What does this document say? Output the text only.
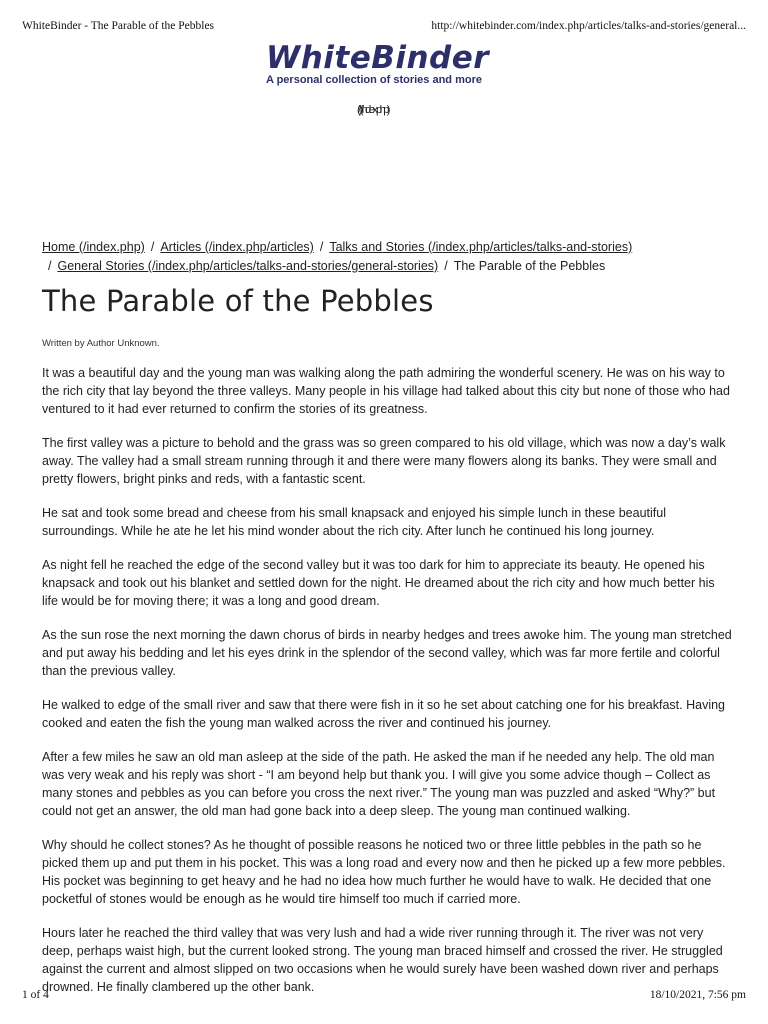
WhiteBinder - The Parable of the Pebbles	http://whitebinder.com/index.php/articles/talks-and-stories/general...
WhiteBinder
A personal collection of stories and more
(/)(/index.php)
Home (/index.php) / Articles (/index.php/articles) / Talks and Stories (/index.php/articles/talks-and-stories)
/ General Stories (/index.php/articles/talks-and-stories/general-stories) / The Parable of the Pebbles
The Parable of the Pebbles
Written by Author Unknown.

It was a beautiful day and the young man was walking along the path admiring the wonderful scenery. He was on his way to the rich city that lay beyond the three valleys. Many people in his village had talked about this city but none of those who had ventured to it had ever returned to confirm the stories of its greatness.

The first valley was a picture to behold and the grass was so green compared to his old village, which was now a day’s walk away. The valley had a small stream running through it and there were many flowers along its banks. They were small and pretty flowers, bright pinks and reds, with a fantastic scent.

He sat and took some bread and cheese from his small knapsack and enjoyed his simple lunch in these beautiful surroundings. While he ate he let his mind wonder about the rich city. After lunch he continued his long journey.

As night fell he reached the edge of the second valley but it was too dark for him to appreciate its beauty. He opened his knapsack and took out his blanket and settled down for the night. He dreamed about the rich city and how much better his life would be for moving there; it was a long and good dream.

As the sun rose the next morning the dawn chorus of birds in nearby hedges and trees awoke him. The young man stretched and put away his bedding and let his eyes drink in the splendor of the second valley, which was far more fertile and colorful than the previous valley.

He walked to edge of the small river and saw that there were fish in it so he set about catching one for his breakfast. Having cooked and eaten the fish the young man walked across the river and continued his journey.

After a few miles he saw an old man asleep at the side of the path. He asked the man if he needed any help. The old man was very weak and his reply was short - “I am beyond help but thank you. I will give you some advice though – Collect as many stones and pebbles as you can before you cross the next river.” The young man was puzzled and asked “Why?” but could not get an answer, the old man had gone back into a deep sleep. The young man continued walking.

Why should he collect stones? As he thought of possible reasons he noticed two or three little pebbles in the path so he picked them up and put them in his pocket. This was a long road and every now and then he picked up a few more pebbles. His pocket was beginning to get heavy and he had no idea how much further he would have to walk. He decided that one pocketful of stones would be enough as he would tire himself too much if carried more.

Hours later he reached the third valley that was very lush and had a wide river running through it. The river was not very deep, perhaps waist high, but the current looked strong. The young man braced himself and crossed the river. He struggled against the current and almost slipped on two occasions when he would surely have been washed down river and perhaps drowned. He finally clambered up the other bank.

1 of 4	18/10/2021, 7:56 pm
